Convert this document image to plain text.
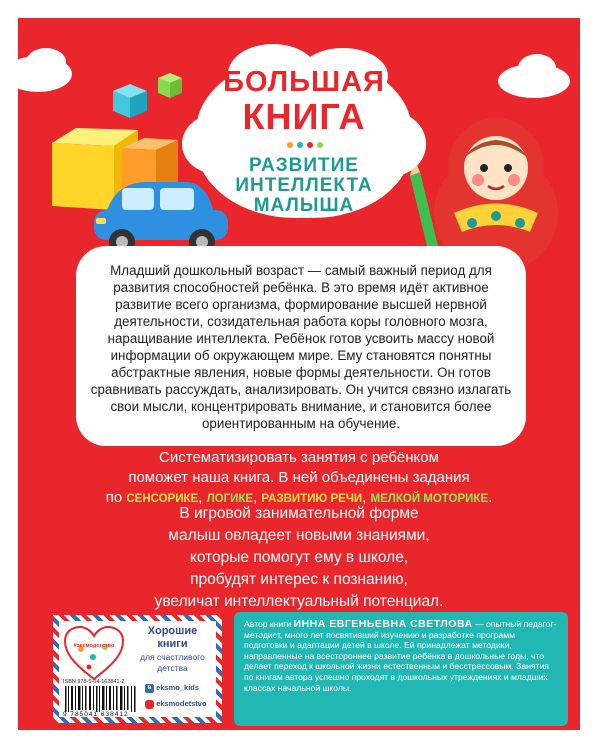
БОЛЬШАЯ
КНИГА
РАЗВИТИЕ
ИНТЕЛЛЕКТА
МАЛЫША

Младший дошкольный возраст — самый важный период для развития способностей ребёнка. В это время идёт активное развитие всего организма, формирование высшей нервной деятельности, созидательная работа коры головного мозга, наращивание интеллекта. Ребёнок готов усвоить массу новой информации об окружающем мире. Ему становятся понятны абстрактные явления, новые формы деятельности. Он готов сравнивать рассуждать, анализировать. Он учится связно излагать свои мысли, концентрировать внимание, и становится более ориентированным на обучение.

Систематизировать занятия с ребёнком
поможет наша книга. В ней объединены задания
по СЕНСОРИКЕ, ЛОГИКЕ, РАЗВИТИЮ РЕЧИ, МЕЛКОЙ МОТОРИКЕ.
В игровой занимательной форме
малыш овладеет новыми знаниями,
которые помогут ему в школе,
пробудят интерес к познанию,
увеличат интеллектуальный потенциал.
#эксмодетство
Хорошие
книги
для счастливого
детства
ISBN 978-5-04-163841-2
9 785041 638412
в eksmo_kids
eksmodetstvo

Автор книги ИННА ЕВГЕНЬЕВНА СВЕТЛОВА — опытный педагог-методист, много лет посвятивший изучению и разработке программ подготовки и адаптации детей в школе. Ей принадлежат методики, направленные на всестороннее развитие ребёнка в дошкольные годы, что делает переход к школьной жизни естественным и бесстрессовым. Занятия по книгам автора успешно проходят в дошкольных утреждениях и младших классах начальной школы.
